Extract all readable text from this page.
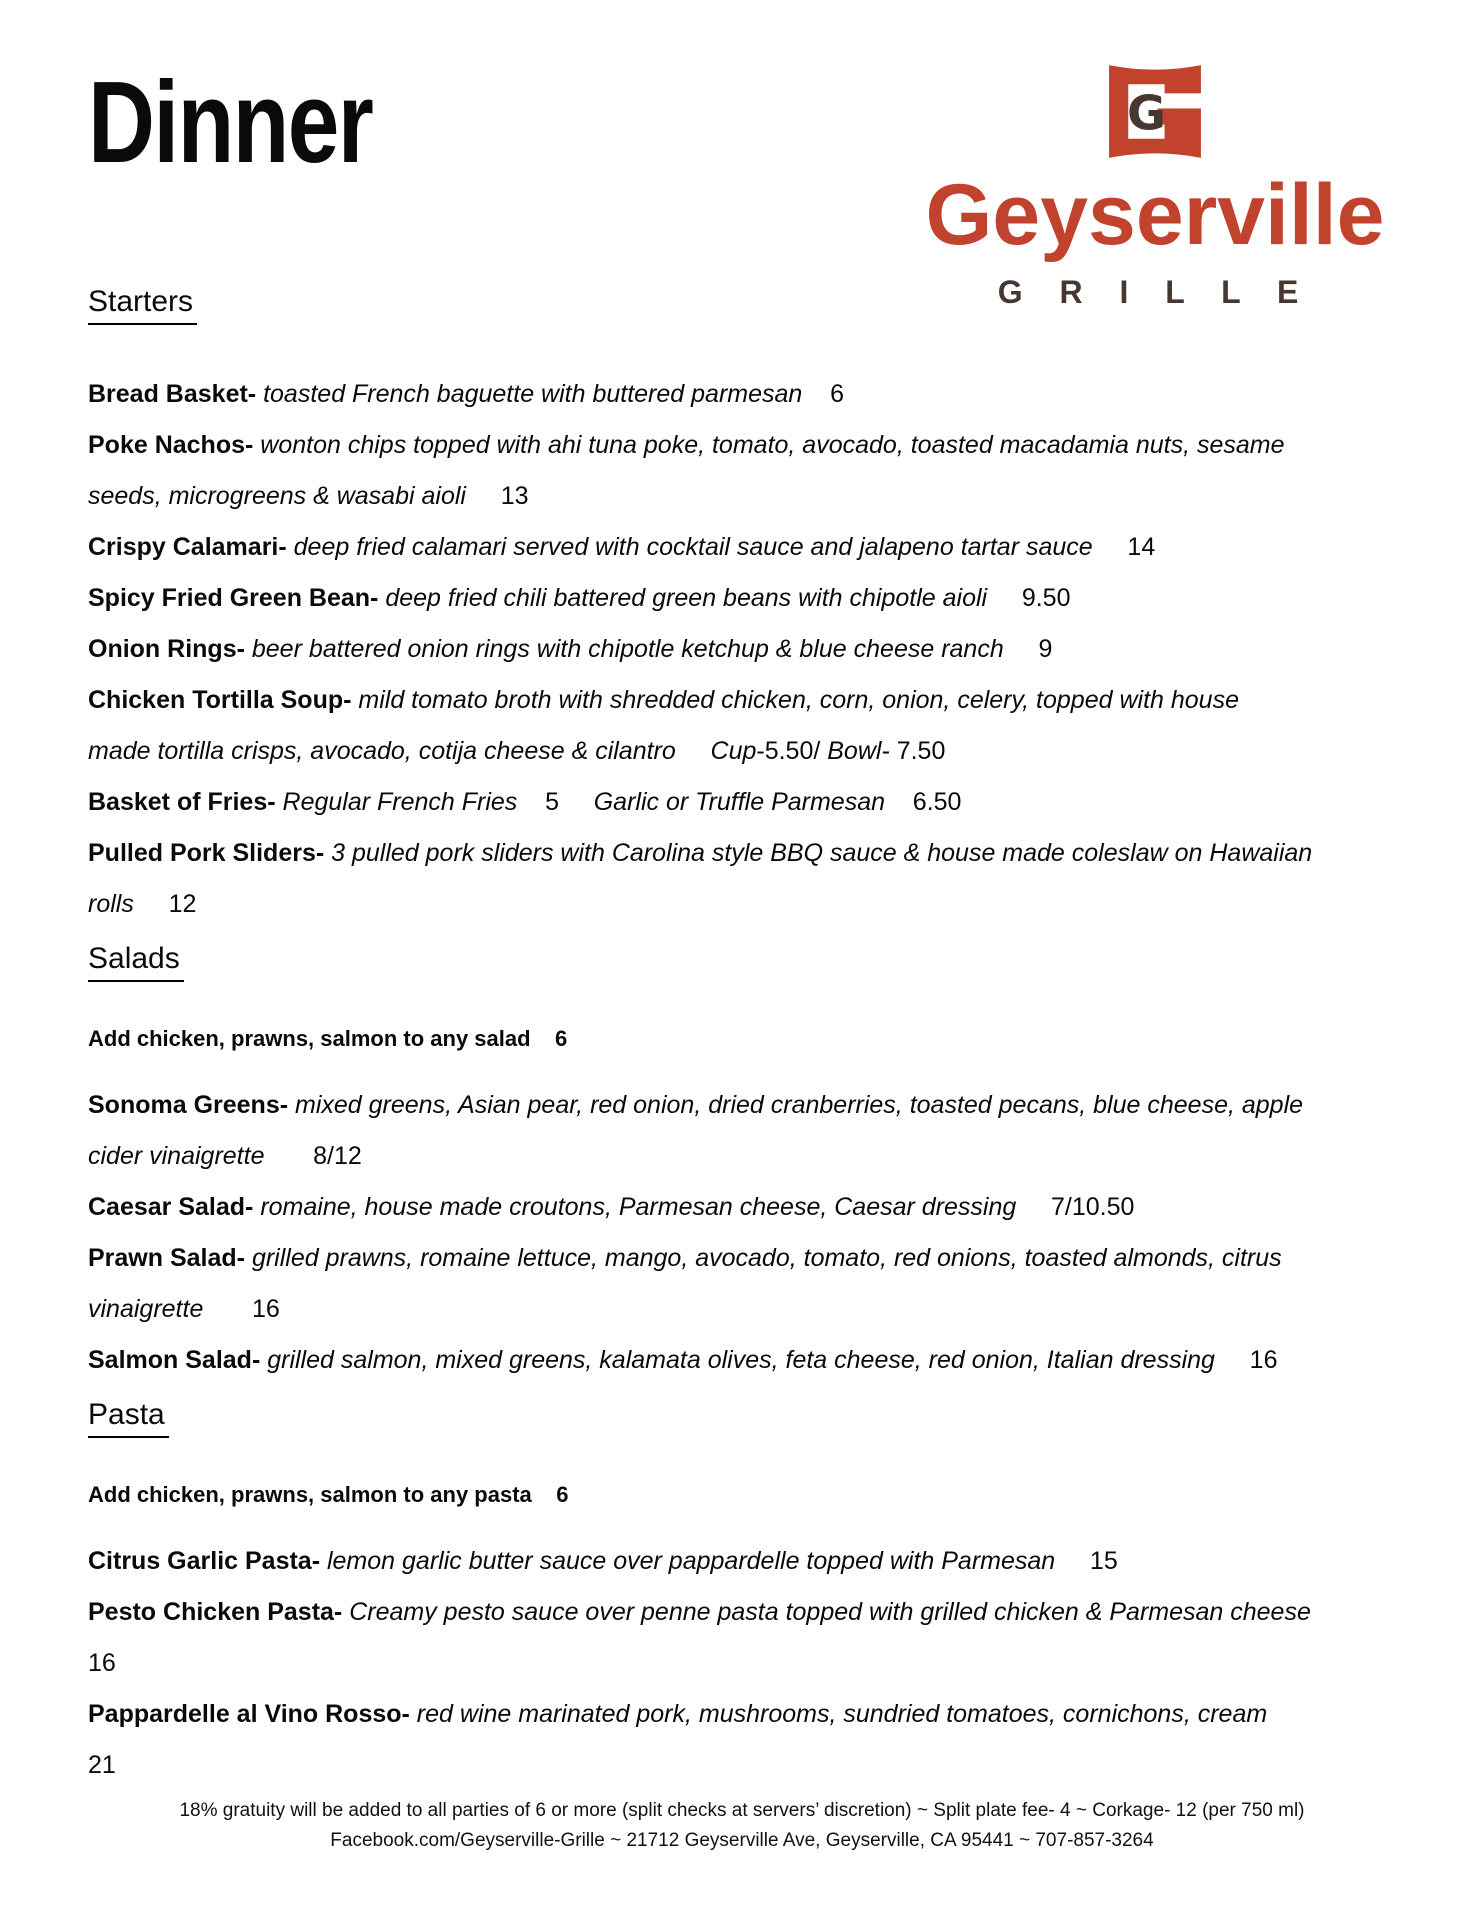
Dinner	G
Geyserville
G R I L L E
Starters

Bread Basket- toasted French baguette with buttered parmesan    6

Poke Nachos- wonton chips topped with ahi tuna poke, tomato, avocado, toasted macadamia nuts, sesame
seeds, microgreens & wasabi aioli     13

Crispy Calamari- deep fried calamari served with cocktail sauce and jalapeno tartar sauce     14

Spicy Fried Green Bean- deep fried chili battered green beans with chipotle aioli     9.50

Onion Rings- beer battered onion rings with chipotle ketchup & blue cheese ranch     9

Chicken Tortilla Soup- mild tomato broth with shredded chicken, corn, onion, celery, topped with house
made tortilla crisps, avocado, cotija cheese & cilantro     Cup-5.50/ Bowl- 7.50

Basket of Fries- Regular French Fries    5     Garlic or Truffle Parmesan    6.50

Pulled Pork Sliders- 3 pulled pork sliders with Carolina style BBQ sauce & house made coleslaw on Hawaiian
rolls     12

Salads

Add chicken, prawns, salmon to any salad    6

Sonoma Greens- mixed greens, Asian pear, red onion, dried cranberries, toasted pecans, blue cheese, apple
cider vinaigrette       8/12

Caesar Salad- romaine, house made croutons, Parmesan cheese, Caesar dressing     7/10.50

Prawn Salad- grilled prawns, romaine lettuce, mango, avocado, tomato, red onions, toasted almonds, citrus
vinaigrette       16

Salmon Salad- grilled salmon, mixed greens, kalamata olives, feta cheese, red onion, Italian dressing     16

Pasta

Add chicken, prawns, salmon to any pasta    6

Citrus Garlic Pasta- lemon garlic butter sauce over pappardelle topped with Parmesan     15

Pesto Chicken Pasta- Creamy pesto sauce over penne pasta topped with grilled chicken & Parmesan cheese
16

Pappardelle al Vino Rosso- red wine marinated pork, mushrooms, sundried tomatoes, cornichons, cream
21

18% gratuity will be added to all parties of 6 or more (split checks at servers’ discretion) ~ Split plate fee- 4 ~ Corkage- 12 (per 750 ml)
Facebook.com/Geyserville-Grille ~ 21712 Geyserville Ave, Geyserville, CA 95441 ~ 707-857-3264
